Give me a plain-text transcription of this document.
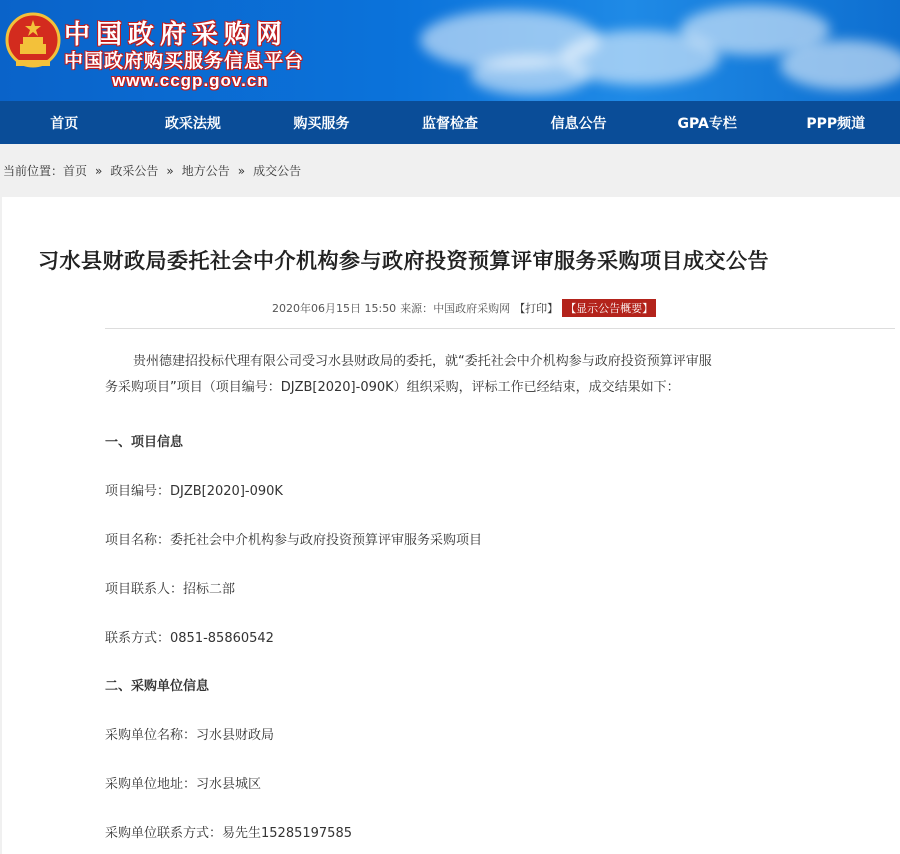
中国政府采购网
中国政府购买服务信息平台
www.ccgp.gov.cn
首页	政采法规	购买服务	监督检查	信息公告	GPA专栏	PPP频道
当前位置： 首页 » 政采公告 » 地方公告 » 成交公告
习水县财政局委托社会中介机构参与政府投资预算评审服务采购项目成交公告
2020年06月15日 15:50 来源： 中国政府采购网 【打印】 【显示公告概要】
贵州德建招投标代理有限公司受习水县财政局的委托，就“委托社会中介机构参与政府投资预算评审服
务采购项目”项目（项目编号：DJZB[2020]-090K）组织采购，评标工作已经结束，成交结果如下：
一、项目信息
项目编号：DJZB[2020]-090K
项目名称：委托社会中介机构参与政府投资预算评审服务采购项目
项目联系人：招标二部
联系方式：0851-85860542
二、采购单位信息
采购单位名称：习水县财政局
采购单位地址：习水县城区
采购单位联系方式：易先生15285197585
